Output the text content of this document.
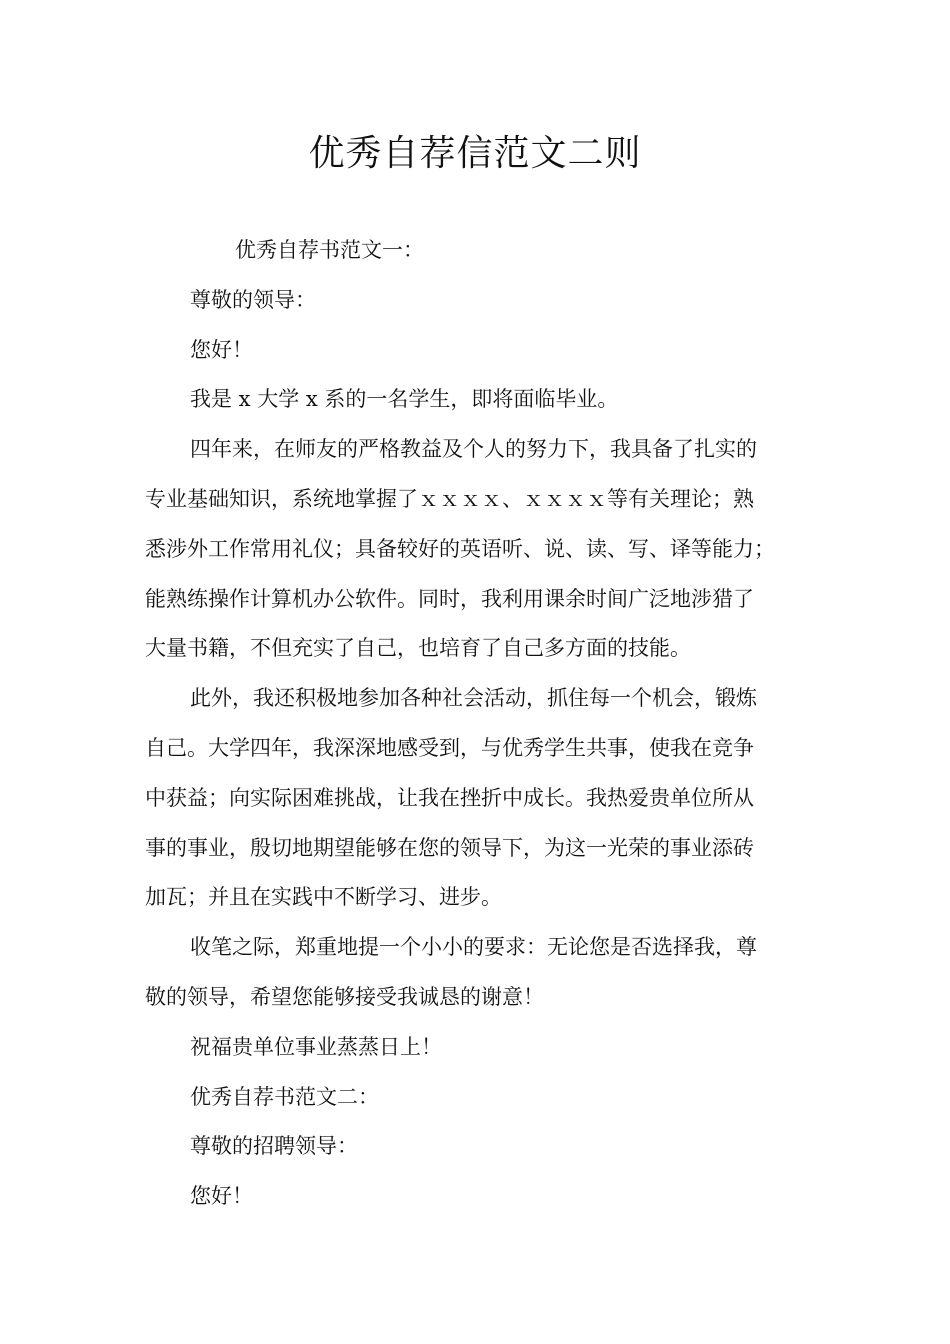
优秀自荐信范文二则

优秀自荐书范文一：

尊敬的领导：

您好！

我是 x 大学 x 系的一名学生，即将面临毕业。

四年来，在师友的严格教益及个人的努力下，我具备了扎实的

专业基础知识，系统地掌握了ｘｘｘｘ、ｘｘｘｘ等有关理论；熟

悉涉外工作常用礼仪；具备较好的英语听、说、读、写、译等能力；

能熟练操作计算机办公软件。同时，我利用课余时间广泛地涉猎了

大量书籍，不但充实了自己，也培育了自己多方面的技能。

此外，我还积极地参加各种社会活动，抓住每一个机会，锻炼

自己。大学四年，我深深地感受到，与优秀学生共事，使我在竞争

中获益；向实际困难挑战，让我在挫折中成长。我热爱贵单位所从

事的事业，殷切地期望能够在您的领导下，为这一光荣的事业添砖

加瓦；并且在实践中不断学习、进步。

收笔之际，郑重地提一个小小的要求：无论您是否选择我，尊

敬的领导，希望您能够接受我诚恳的谢意！

祝福贵单位事业蒸蒸日上！

优秀自荐书范文二：

尊敬的招聘领导：

您好！
